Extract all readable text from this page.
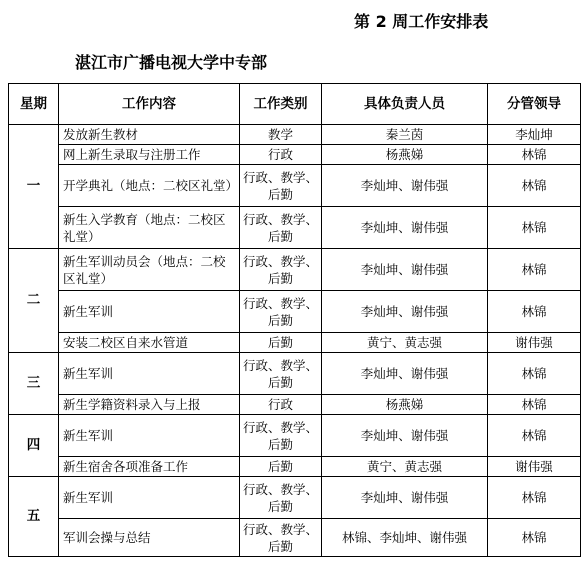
第 2 周工作安排表
湛江市广播电视大学中专部
星期	工作内容	工作类别	具体负责人员	分管领导
一	发放新生教材	教学	秦兰茵	李灿坤
	网上新生录取与注册工作	行政	杨燕娣	林锦
	开学典礼（地点：二校区礼堂）	行政、教学、后勤	李灿坤、谢伟强	林锦
	新生入学教育（地点：二校区礼堂）	行政、教学、后勤	李灿坤、谢伟强	林锦
二	新生军训动员会（地点：二校区礼堂）	行政、教学、后勤	李灿坤、谢伟强	林锦
	新生军训	行政、教学、后勤	李灿坤、谢伟强	林锦
	安装二校区自来水管道	后勤	黄宁、黄志强	谢伟强
三	新生军训	行政、教学、后勤	李灿坤、谢伟强	林锦
	新生学籍资料录入与上报	行政	杨燕娣	林锦
四	新生军训	行政、教学、后勤	李灿坤、谢伟强	林锦
	新生宿舍各项准备工作	后勤	黄宁、黄志强	谢伟强
五	新生军训	行政、教学、后勤	李灿坤、谢伟强	林锦
	军训会操与总结	行政、教学、后勤	林锦、李灿坤、谢伟强	林锦
